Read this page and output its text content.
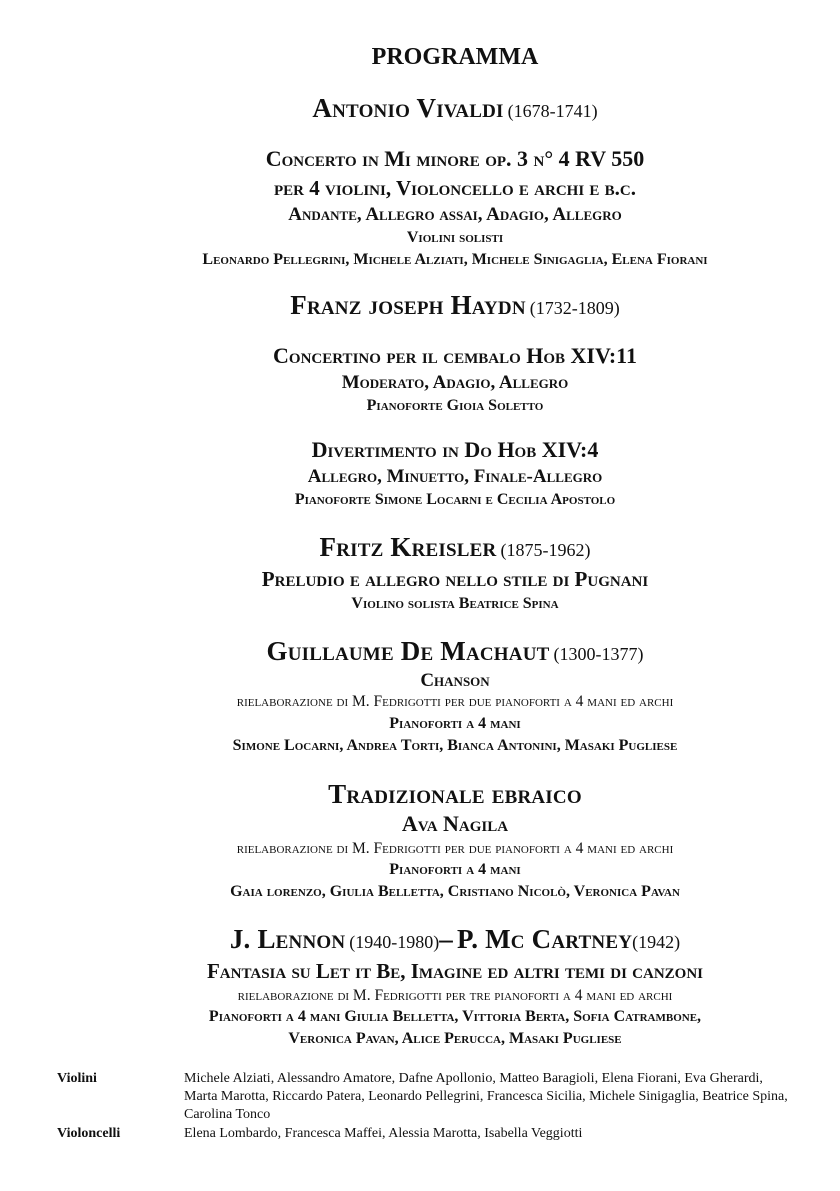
PROGRAMMA
Antonio Vivaldi (1678-1741)
Concerto in Mi minore op. 3 n° 4 RV 550
per 4 violini, Violoncello e archi e b.c.
Andante, Allegro assai, Adagio, Allegro
Violini solisti
Leonardo Pellegrini, Michele Alziati, Michele Sinigaglia, Elena Fiorani
Franz joseph Haydn (1732-1809)
Concertino per il cembalo Hob XIV:11
Moderato, Adagio, Allegro
Pianoforte Gioia Soletto
Divertimento in Do Hob XIV:4
Allegro, Minuetto, Finale-Allegro
Pianoforte Simone Locarni e Cecilia Apostolo
Fritz Kreisler (1875-1962)
Preludio e allegro nello stile di Pugnani
Violino solista Beatrice Spina
Guillaume De Machaut (1300-1377)
Chanson
rielaborazione di M. Fedrigotti per due pianoforti a 4 mani ed archi
Pianoforti a 4 mani
Simone Locarni, Andrea Torti, Bianca Antonini, Masaki Pugliese
Tradizionale ebraico
Ava Nagila
rielaborazione di M. Fedrigotti per due pianoforti a 4 mani ed archi
Pianoforti a 4 mani
Gaia lorenzo, Giulia Belletta, Cristiano Nicolò, Veronica Pavan
J. Lennon (1940-1980)– P. Mc Cartney(1942)
Fantasia su Let it Be, Imagine ed altri temi di canzoni
rielaborazione di M. Fedrigotti per tre pianoforti a 4 mani ed archi
Pianoforti a 4 mani Giulia Belletta, Vittoria Berta, Sofia Catrambone,
Veronica Pavan, Alice Perucca, Masaki Pugliese
Violini	Michele Alziati, Alessandro Amatore, Dafne Apollonio, Matteo Baragioli, Elena Fiorani, Eva Gherardi, Marta Marotta, Riccardo Patera, Leonardo Pellegrini, Francesca Sicilia, Michele Sinigaglia, Beatrice Spina, Carolina Tonco
Violoncelli	Elena Lombardo, Francesca Maffei, Alessia Marotta, Isabella Veggiotti
